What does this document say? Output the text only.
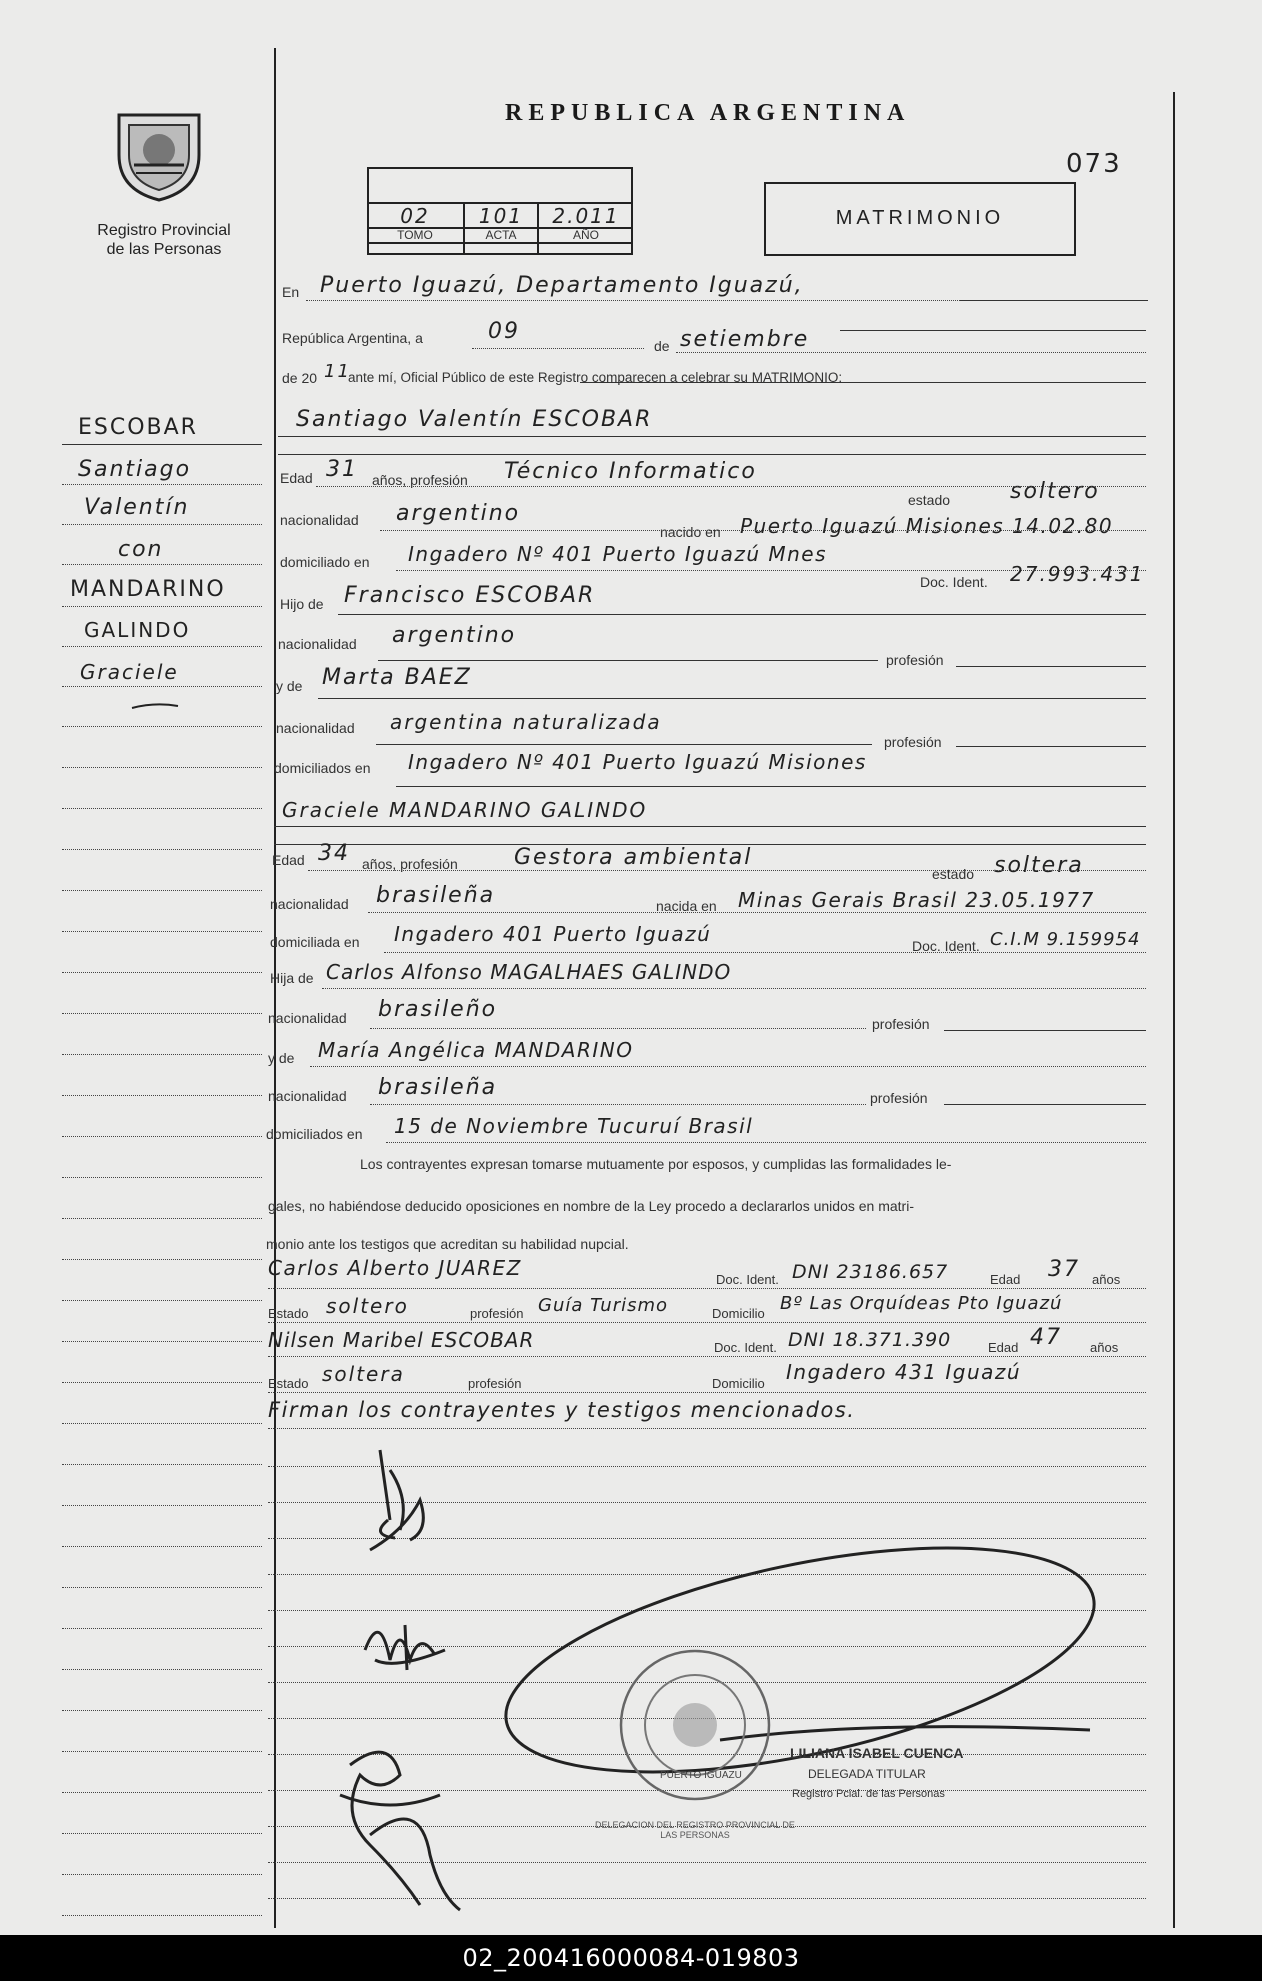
Registro Provincial
de las Personas
REPUBLICA ARGENTINA
073
02	101	2.011
TOMO	ACTA	AÑO
MATRIMONIO
ESCOBAR
Santiago
Valentín
con
MANDARINO
GALINDO
Graciele
En Puerto Iguazú, Departamento Iguazú,
República Argentina, a	09
de setiembre
de 20 11
ante mí, Oficial Público de este Registro comparecen a celebrar su MATRIMONIO:
Santiago Valentín ESCOBAR
Edad 31 años, profesión Técnico Informatico
estado	soltero
nacionalidad argentino
nacido en Puerto Iguazú Misiones 14.02.80
domiciliado en Ingadero Nº 401 Puerto Iguazú Mnes
Doc. Ident. 27.993.431
Hijo de Francisco ESCOBAR
nacionalidad argentino
profesión
y de Marta BAEZ
nacionalidad argentina naturalizada
profesión
domiciliados en Ingadero Nº 401 Puerto Iguazú Misiones
Graciele MANDARINO GALINDO
Edad 34 años, profesión	Gestora ambiental
estado soltera
nacionalidad brasileña	nacida en Minas Gerais Brasil 23.05.1977
domiciliada en Ingadero 401 Puerto Iguazú	Doc. Ident. C.I.M 9.159954
Hija de Carlos Alfonso MAGALHAES GALINDO
nacionalidad brasileño
profesión
y de María Angélica MANDARINO
nacionalidad brasileña	profesión
domiciliados en 15 de Noviembre Tucuruí Brasil
Los contrayentes expresan tomarse mutuamente por esposos, y cumplidas las formalidades le-
gales, no habiéndose deducido oposiciones en nombre de la Ley procedo a declararlos unidos en matri-
monio ante los testigos que acreditan su habilidad nupcial.
Carlos Alberto JUAREZ	Doc. Ident. DNI 23186.657	Edad 37 años
Estado soltero	profesión Guía Turismo	Domicilio Bº Las Orquídeas Pto Iguazú
Nilsen Maribel ESCOBAR	Doc. Ident. DNI 18.371.390	Edad 47 años
Estado soltera	profesión	Domicilio Ingadero 431 Iguazú
Firman los contrayentes y testigos mencionados.
DELEGACION DEL REGISTRO PROVINCIAL DE LAS PERSONAS
PUERTO IGUAZU
LILIANA ISABEL CUENCA
DELEGADA TITULAR
Registro Pcial. de las Personas
02_200416000084-019803
